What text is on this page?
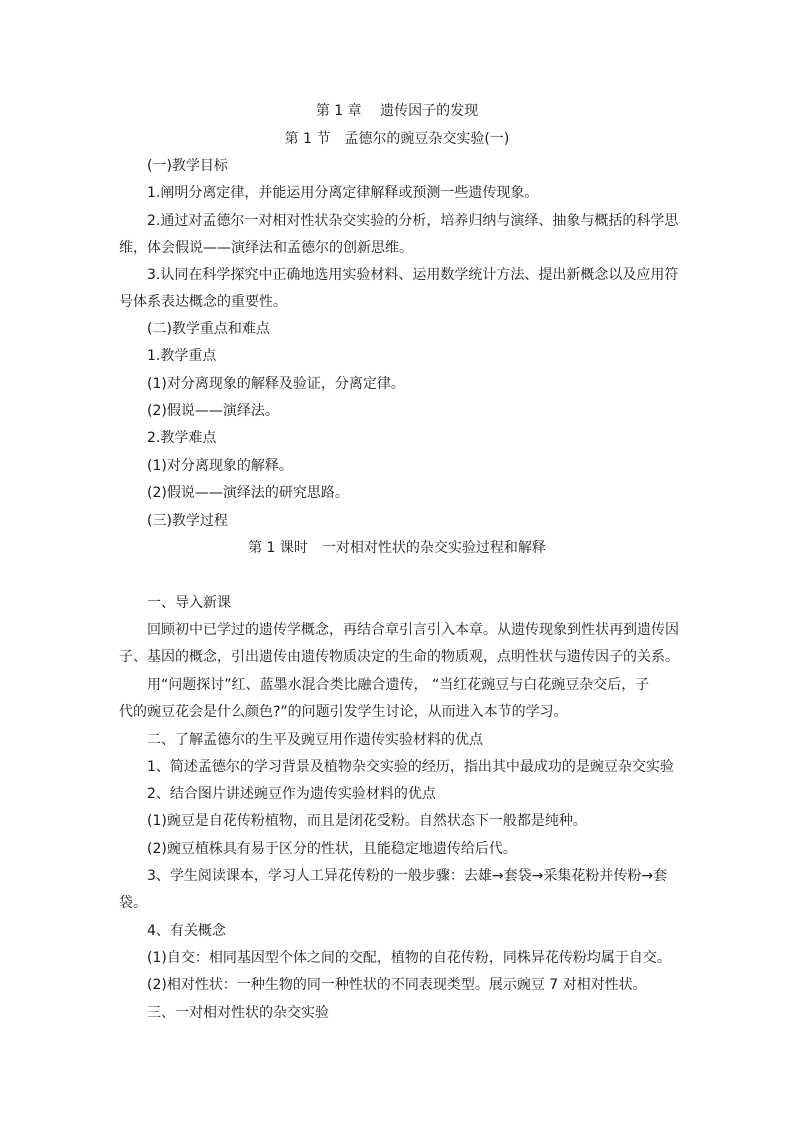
第 1 章　 遗传因子的发现
第 1 节　孟德尔的豌豆杂交实验(一)
(一)教学目标
1.阐明分离定律，并能运用分离定律解释或预测一些遗传现象。
2.通过对孟德尔一对相对性状杂交实验的分析，培养归纳与演绎、抽象与概括的科学思
维，体会假说——演绎法和孟德尔的创新思维。
3.认同在科学探究中正确地选用实验材料、运用数学统计方法、提出新概念以及应用符
号体系表达概念的重要性。
(二)教学重点和难点
1.教学重点
(1)对分离现象的解释及验证，分离定律。
(2)假说——演绎法。
2.教学难点
(1)对分离现象的解释。
(2)假说——演绎法的研究思路。
(三)教学过程
第 1 课时　一对相对性状的杂交实验过程和解释
一、导入新课
回顾初中已学过的遗传学概念，再结合章引言引入本章。从遗传现象到性状再到遗传因
子、基因的概念，引出遗传由遗传物质决定的生命的物质观，点明性状与遗传因子的关系。
用“问题探讨”红、蓝墨水混合类比融合遗传， “当红花豌豆与白花豌豆杂交后，子
代的豌豆花会是什么颜色?”的问题引发学生讨论，从而进入本节的学习。
二、了解孟德尔的生平及豌豆用作遗传实验材料的优点
1、简述孟德尔的学习背景及植物杂交实验的经历，指出其中最成功的是豌豆杂交实验
2、结合图片讲述豌豆作为遗传实验材料的优点
(1)豌豆是自花传粉植物，而且是闭花受粉。自然状态下一般都是纯种。
(2)豌豆植株具有易于区分的性状，且能稳定地遗传给后代。
3、学生阅读课本，学习人工异花传粉的一般步骤：去雄→套袋→采集花粉并传粉→套
袋。
4、有关概念
(1)自交：相同基因型个体之间的交配，植物的自花传粉，同株异花传粉均属于自交。
(2)相对性状：一种生物的同一种性状的不同表现类型。展示豌豆 7 对相对性状。
三、一对相对性状的杂交实验
